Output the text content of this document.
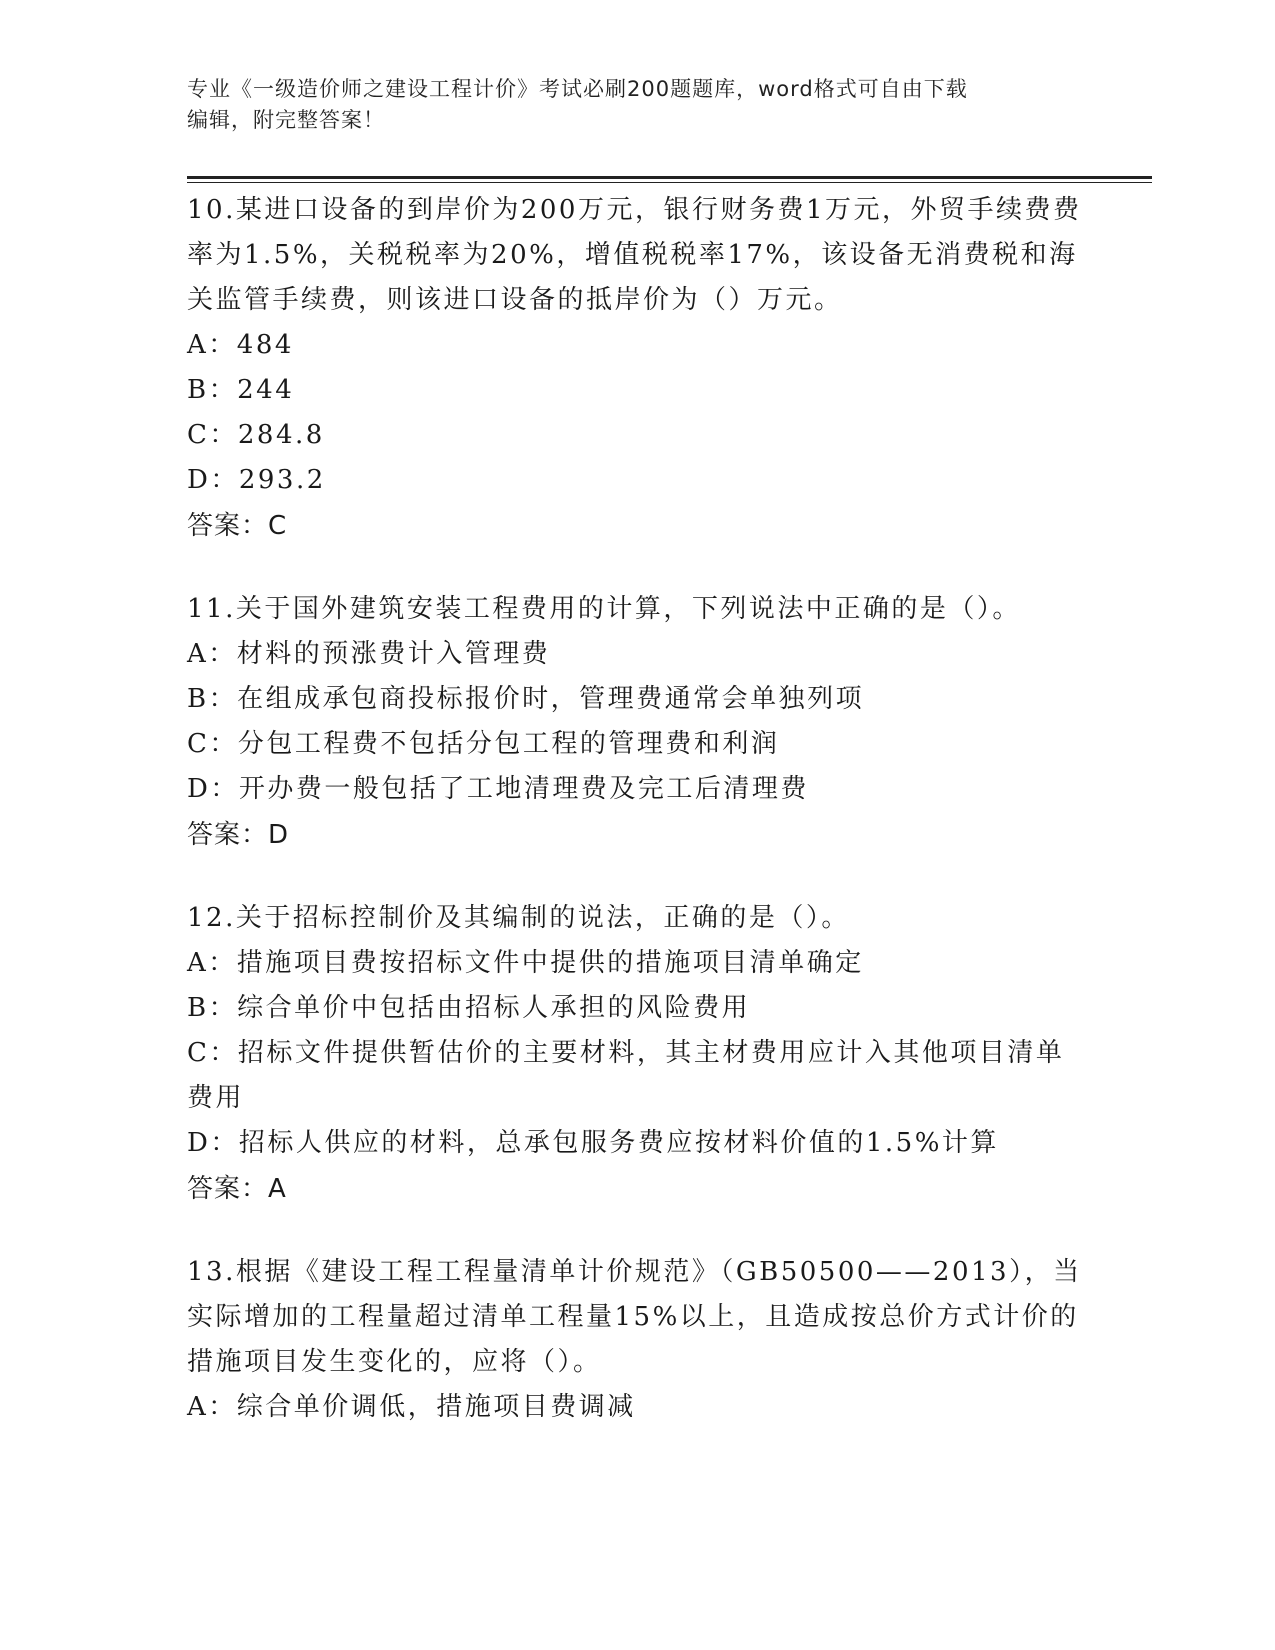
专业《一级造价师之建设工程计价》考试必刷200题题库，word格式可自由下载
编辑，附完整答案！

10.某进口设备的到岸价为200万元，银行财务费1万元，外贸手续费费率为1.5%，关税税率为20%，增值税税率17%，该设备无消费税和海关监管手续费，则该进口设备的抵岸价为（）万元。

A：484

B：244

C：284.8

D：293.2

答案：C

11.关于国外建筑安装工程费用的计算，下列说法中正确的是（）。

A：材料的预涨费计入管理费

B：在组成承包商投标报价时，管理费通常会单独列项

C：分包工程费不包括分包工程的管理费和利润

D：开办费一般包括了工地清理费及完工后清理费

答案：D

12.关于招标控制价及其编制的说法，正确的是（）。

A：措施项目费按招标文件中提供的措施项目清单确定

B：综合单价中包括由招标人承担的风险费用

C：招标文件提供暂估价的主要材料，其主材费用应计入其他项目清单费用

D：招标人供应的材料，总承包服务费应按材料价值的1.5%计算

答案：A

13.根据《建设工程工程量清单计价规范》（GB50500——2013），当实际增加的工程量超过清单工程量15%以上，且造成按总价方式计价的措施项目发生变化的，应将（）。

A：综合单价调低，措施项目费调减
